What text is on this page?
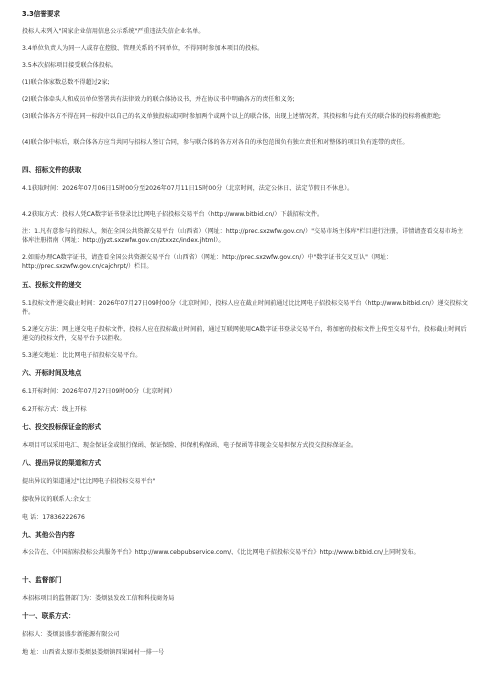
3.3信誉要求
投标人未列入"国家企业信用信息公示系统"严重违法失信企业名单。
3.4单位负责人为同一人或存在控股、管理关系的不同单位，不得同时参加本项目的投标。
3.5本次招标项目接受联合体投标。
(1)联合体家数总数不得超过2家;
(2)联合体牵头人和成员单位签署共有法律效力的联合体协议书，并在协议书中明确各方的责任和义务;
(3)联合体各方不得在同一标段中以自己的名义单独投标或同时参加两个或两个以上的联合体，出现上述情况者，其投标和与此有关的联合体的投标将被拒绝;
(4)联合体中标后，联合体各方应当共同与招标人签订合同，参与联合体的各方对各自的承包范围负有独立责任和对整体的项目负有连带的责任。
四、招标文件的获取
4.1获取时间：2026年07月06日15时00分至2026年07月11日15时00分（北京时间，法定公休日、法定节假日不休息）。
4.2获取方式：投标人凭CA数字证书登录比比网电子招投标交易平台（http://www.bitbid.cn/）下载招标文件。
注：1.凡有意参与的投标人，须在全国公共资源交易平台（山西省）（网址：http://prec.sxzwfw.gov.cn/）"交易市场主体库"栏目进行注册，详情请查看交易市场主体库注册指南（网址：http://jyzt.sxzwfw.gov.cn/ztxxzc/index.jhtml）。
2.如需办理CA数字证书，请查看全国公共资源交易平台（山西省）（网址：http://prec.sxzwfw.gov.cn/）中"数字证书交叉互认"（网址：http://prec.sxzwfw.gov.cn/cajchrpt/）栏目。
五、投标文件的递交
5.1投标文件递交截止时间：2026年07月27日09时00分（北京时间），投标人应在截止时间前通过比比网电子招投标交易平台（http://www.bitbid.cn/）递交投标文件。
5.2递交方法：网上递交电子投标文件，投标人应在投标截止时间前，通过互联网使用CA数字证书登录交易平台，将加密的投标文件上传至交易平台，投标截止时间后递交的投标文件，交易平台予以拒收。
5.3递交地址：比比网电子招投标交易平台。
六、开标时间及地点
6.1开标时间：2026年07月27日09时00分（北京时间）
6.2开标方式：线上开标
七、投交投标保证金的形式
本项目可以采用电汇、现金保证金或银行保函、保证保险、担保机构保函、电子保函等非现金交易担保方式投交投标保证金。
八、提出异议的渠道和方式
提出异议的渠道通过"比比网电子招投标交易平台"
接收异议的联系人:余女士
电 话：17836222676
九、其他公告内容
本公告在、《中国招标投标公共服务平台》http://www.cebpubservice.com/、《比比网电子招投标交易平台》http://www.bitbid.cn/上同时发布。
十、监督部门
本招标项目的监督部门为：娄烦县发改工信和科技商务局
十一、联系方式：
招标人：娄烦县盛步新能源有限公司
地 址：山西省太原市娄烦县娄烦镇四果园村一排一号
